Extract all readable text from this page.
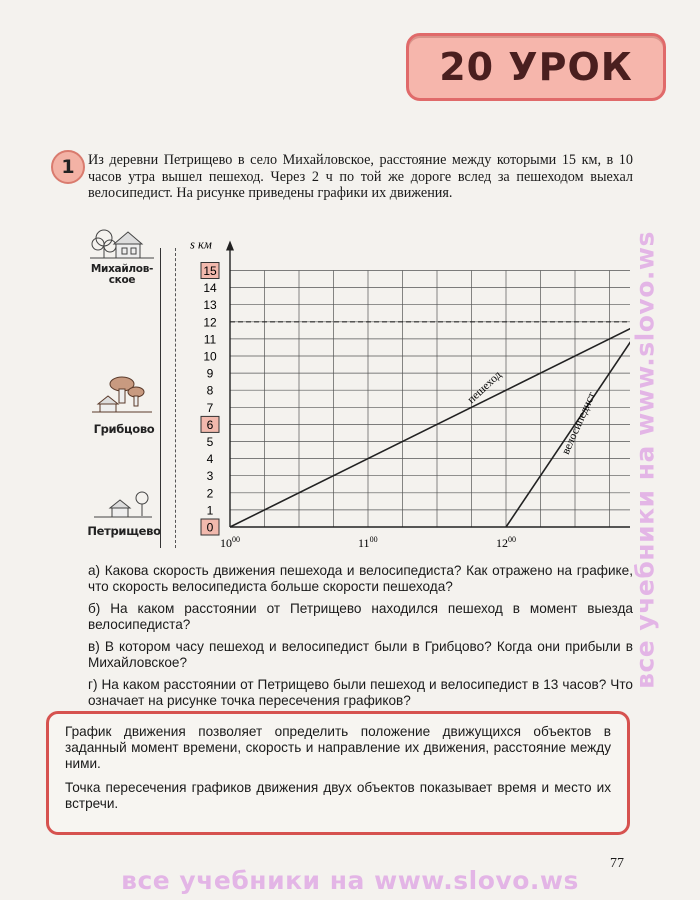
20 УРОК
1 Из деревни Петрищево в село Михайловское, расстояние между которыми 15 км, в 10 часов утра вышел пешеход. Через 2 ч по той же дороге вслед за пешеходом выехал велосипедист. На рисунке приведены графики их движения.
Михайлов-
ское
Грибцово
Петрищево
s км
0
1
2
3
4
5
6
7
8
9
10
11
12
13
14
15
$10^{00}$	$11^{00}$	$12^{00}$
пешеход
велосипедист

а) Какова скорость движения пешехода и велосипедиста? Как отражено на графике, что скорость велосипедиста больше скорости пешехода?

б) На каком расстоянии от Петрищево находился пешеход в момент выезда велосипедиста?

в) В котором часу пешеход и велосипедист были в Грибцово? Когда они прибыли в Михайловское?

г) На каком расстоянии от Петрищево были пешеход и велосипедист в 13 часов? Что означает на рисунке точка пересечения графиков?

График движения позволяет определить положение движущихся объектов в заданный момент времени, скорость и направление их движения, расстояние между ними.

Точка пересечения графиков движения двух объектов показывает время и место их встречи.

77
все учебники на www.slovo.ws
все учебники на www.slovo.ws
